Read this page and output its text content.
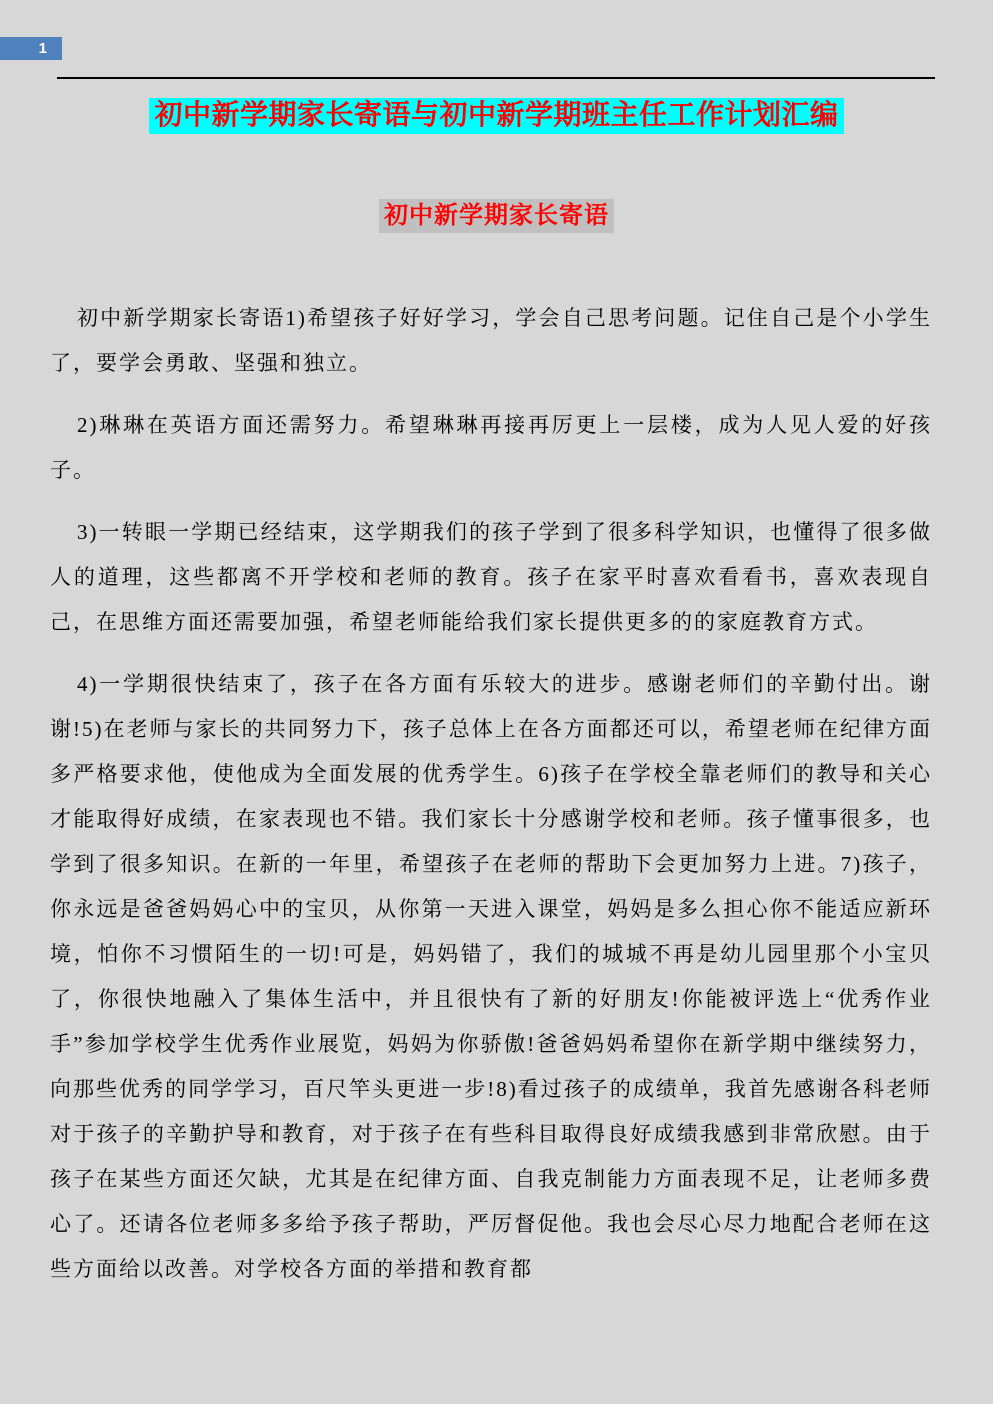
1
初中新学期家长寄语与初中新学期班主任工作计划汇编
初中新学期家长寄语

初中新学期家长寄语1)希望孩子好好学习，学会自己思考问题。记住自己是个小学生了，要学会勇敢、坚强和独立。

2)琳琳在英语方面还需努力。希望琳琳再接再厉更上一层楼，成为人见人爱的好孩子。

3)一转眼一学期已经结束，这学期我们的孩子学到了很多科学知识，也懂得了很多做人的道理，这些都离不开学校和老师的教育。孩子在家平时喜欢看看书，喜欢表现自己，在思维方面还需要加强，希望老师能给我们家长提供更多的的家庭教育方式。

4)一学期很快结束了，孩子在各方面有乐较大的进步。感谢老师们的辛勤付出。谢谢!5)在老师与家长的共同努力下，孩子总体上在各方面都还可以，希望老师在纪律方面多严格要求他，使他成为全面发展的优秀学生。6)孩子在学校全靠老师们的教导和关心才能取得好成绩，在家表现也不错。我们家长十分感谢学校和老师。孩子懂事很多，也学到了很多知识。在新的一年里，希望孩子在老师的帮助下会更加努力上进。7)孩子，你永远是爸爸妈妈心中的宝贝，从你第一天进入课堂，妈妈是多么担心你不能适应新环境，怕你不习惯陌生的一切!可是，妈妈错了，我们的城城不再是幼儿园里那个小宝贝了，你很快地融入了集体生活中，并且很快有了新的好朋友!你能被评选上“优秀作业手”参加学校学生优秀作业展览，妈妈为你骄傲!爸爸妈妈希望你在新学期中继续努力，向那些优秀的同学学习，百尺竿头更进一步!8)看过孩子的成绩单，我首先感谢各科老师对于孩子的辛勤护导和教育，对于孩子在有些科目取得良好成绩我感到非常欣慰。由于孩子在某些方面还欠缺，尤其是在纪律方面、自我克制能力方面表现不足，让老师多费心了。还请各位老师多多给予孩子帮助，严厉督促他。我也会尽心尽力地配合老师在这些方面给以改善。对学校各方面的举措和教育都
